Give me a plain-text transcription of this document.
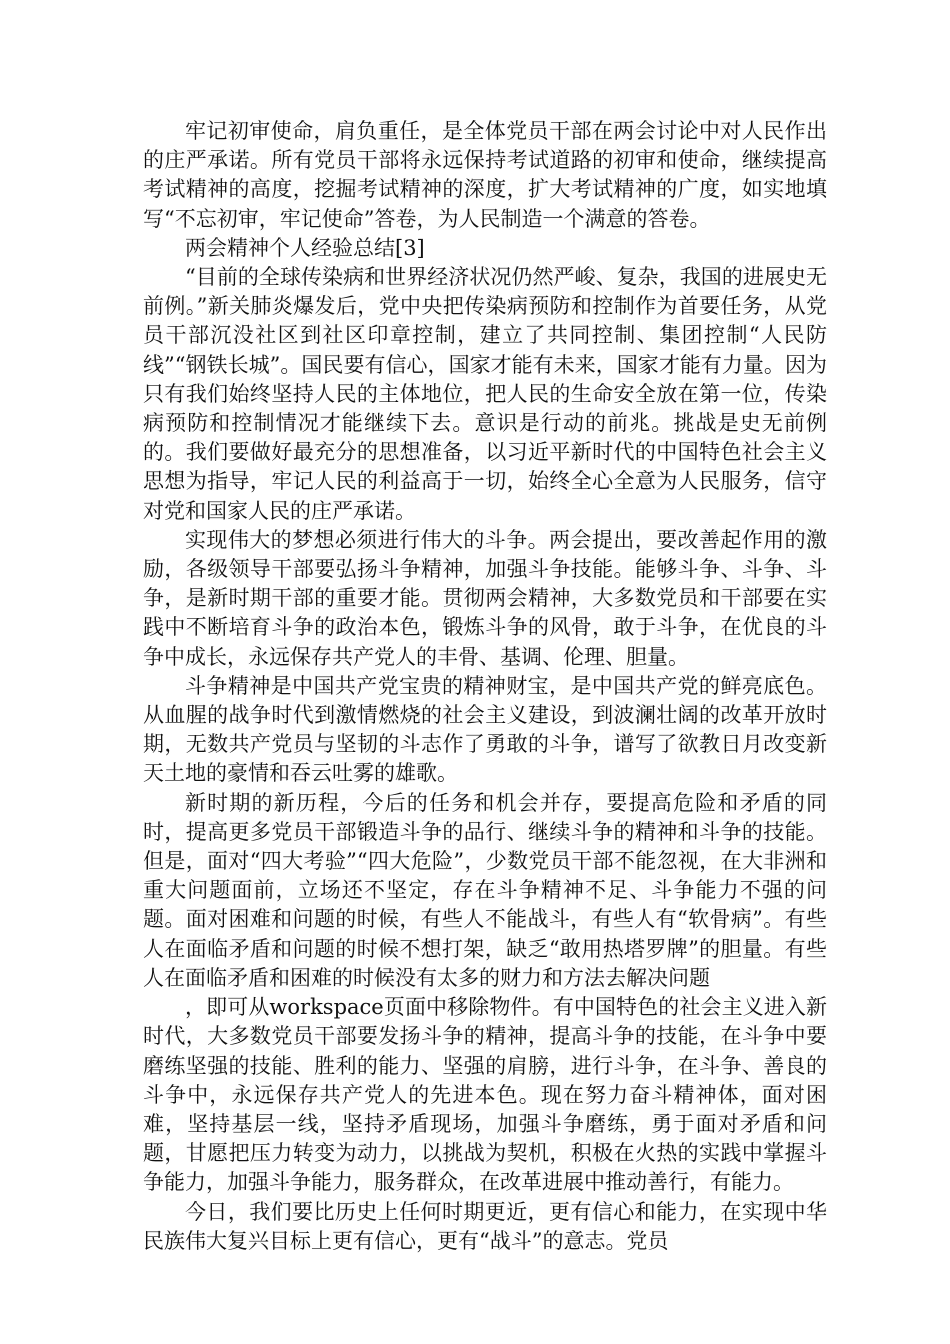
牢记初审使命，肩负重任，是全体党员干部在两会讨论中对人民作出的庄严承诺。所有党员干部将永远保持考试道路的初审和使命，继续提高考试精神的高度，挖掘考试精神的深度，扩大考试精神的广度，如实地填写“不忘初审，牢记使命”答卷，为人民制造一个满意的答卷。

两会精神个人经验总结[3]

“目前的全球传染病和世界经济状况仍然严峻、复杂，我国的进展史无前例。”新关肺炎爆发后，党中央把传染病预防和控制作为首要任务，从党员干部沉没社区到社区印章控制，建立了共同控制、集团控制“人民防线”“钢铁长城”。国民要有信心，国家才能有未来，国家才能有力量。因为只有我们始终坚持人民的主体地位，把人民的生命安全放在第一位，传染病预防和控制情况才能继续下去。意识是行动的前兆。挑战是史无前例的。我们要做好最充分的思想准备，以习近平新时代的中国特色社会主义思想为指导，牢记人民的利益高于一切，始终全心全意为人民服务，信守对党和国家人民的庄严承诺。

实现伟大的梦想必须进行伟大的斗争。两会提出，要改善起作用的激励，各级领导干部要弘扬斗争精神，加强斗争技能。能够斗争、斗争、斗争，是新时期干部的重要才能。贯彻两会精神，大多数党员和干部要在实践中不断培育斗争的政治本色，锻炼斗争的风骨，敢于斗争，在优良的斗争中成长，永远保存共产党人的丰骨、基调、伦理、胆量。

斗争精神是中国共产党宝贵的精神财宝，是中国共产党的鲜亮底色。从血腥的战争时代到激情燃烧的社会主义建设，到波澜壮阔的改革开放时期，无数共产党员与坚韧的斗志作了勇敢的斗争，谱写了欲教日月改变新天土地的豪情和吞云吐雾的雄歌。

新时期的新历程，今后的任务和机会并存，要提高危险和矛盾的同时，提高更多党员干部锻造斗争的品行、继续斗争的精神和斗争的技能。但是，面对“四大考验”“四大危险”，少数党员干部不能忽视，在大非洲和重大问题面前，立场还不坚定，存在斗争精神不足、斗争能力不强的问题。面对困难和问题的时候，有些人不能战斗，有些人有“软骨病”。有些人在面临矛盾和问题的时候不想打架，缺乏“敢用热塔罗牌”的胆量。有些人在面临矛盾和困难的时候没有太多的财力和方法去解决问题

，即可从workspace页面中移除物件。有中国特色的社会主义进入新时代，大多数党员干部要发扬斗争的精神，提高斗争的技能，在斗争中要磨练坚强的技能、胜利的能力、坚强的肩膀，进行斗争，在斗争、善良的斗争中，永远保存共产党人的先进本色。现在努力奋斗精神体，面对困难，坚持基层一线，坚持矛盾现场，加强斗争磨练，勇于面对矛盾和问题，甘愿把压力转变为动力，以挑战为契机，积极在火热的实践中掌握斗争能力，加强斗争能力，服务群众，在改革进展中推动善行，有能力。

今日，我们要比历史上任何时期更近，更有信心和能力，在实现中华民族伟大复兴目标上更有信心，更有“战斗”的意志。党员
